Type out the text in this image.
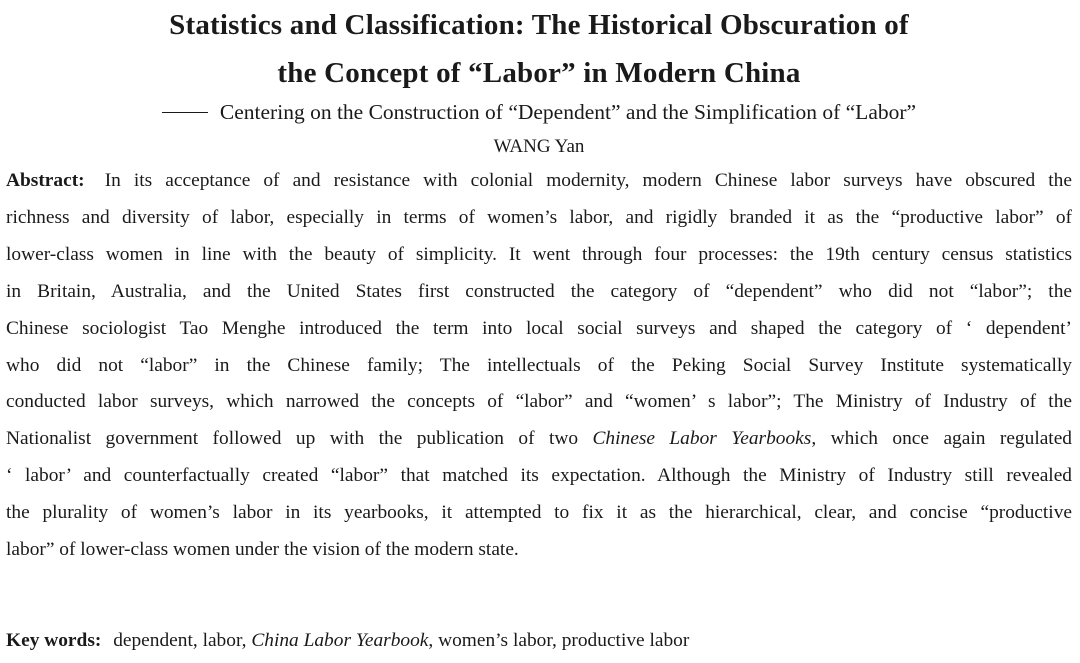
Statistics and Classification: The Historical Obscuration of
the Concept of “Labor” in Modern China
Centering on the Construction of “Dependent” and the Simplification of “Labor”
WANG Yan
Abstract: In its acceptance of and resistance with colonial modernity, modern Chinese labor surveys have obscured the
richness and diversity of labor, especially in terms of women’s labor, and rigidly branded it as the “productive labor” of
lower-class women in line with the beauty of simplicity. It went through four processes: the 19th century census statistics
in Britain, Australia, and the United States first constructed the category of “dependent” who did not “labor”; the
Chinese sociologist Tao Menghe introduced the term into local social surveys and shaped the category of ‘ dependent’
who did not “labor” in the Chinese family; The intellectuals of the Peking Social Survey Institute systematically
conducted labor surveys, which narrowed the concepts of “labor” and “women’ s labor”; The Ministry of Industry of the
Nationalist government followed up with the publication of two Chinese Labor Yearbooks, which once again regulated
‘ labor’ and counterfactually created “labor” that matched its expectation. Although the Ministry of Industry still revealed
the plurality of women’s labor in its yearbooks, it attempted to fix it as the hierarchical, clear, and concise “productive
labor” of lower-class women under the vision of the modern state.
Key words: dependent, labor, China Labor Yearbook, women’s labor, productive labor
